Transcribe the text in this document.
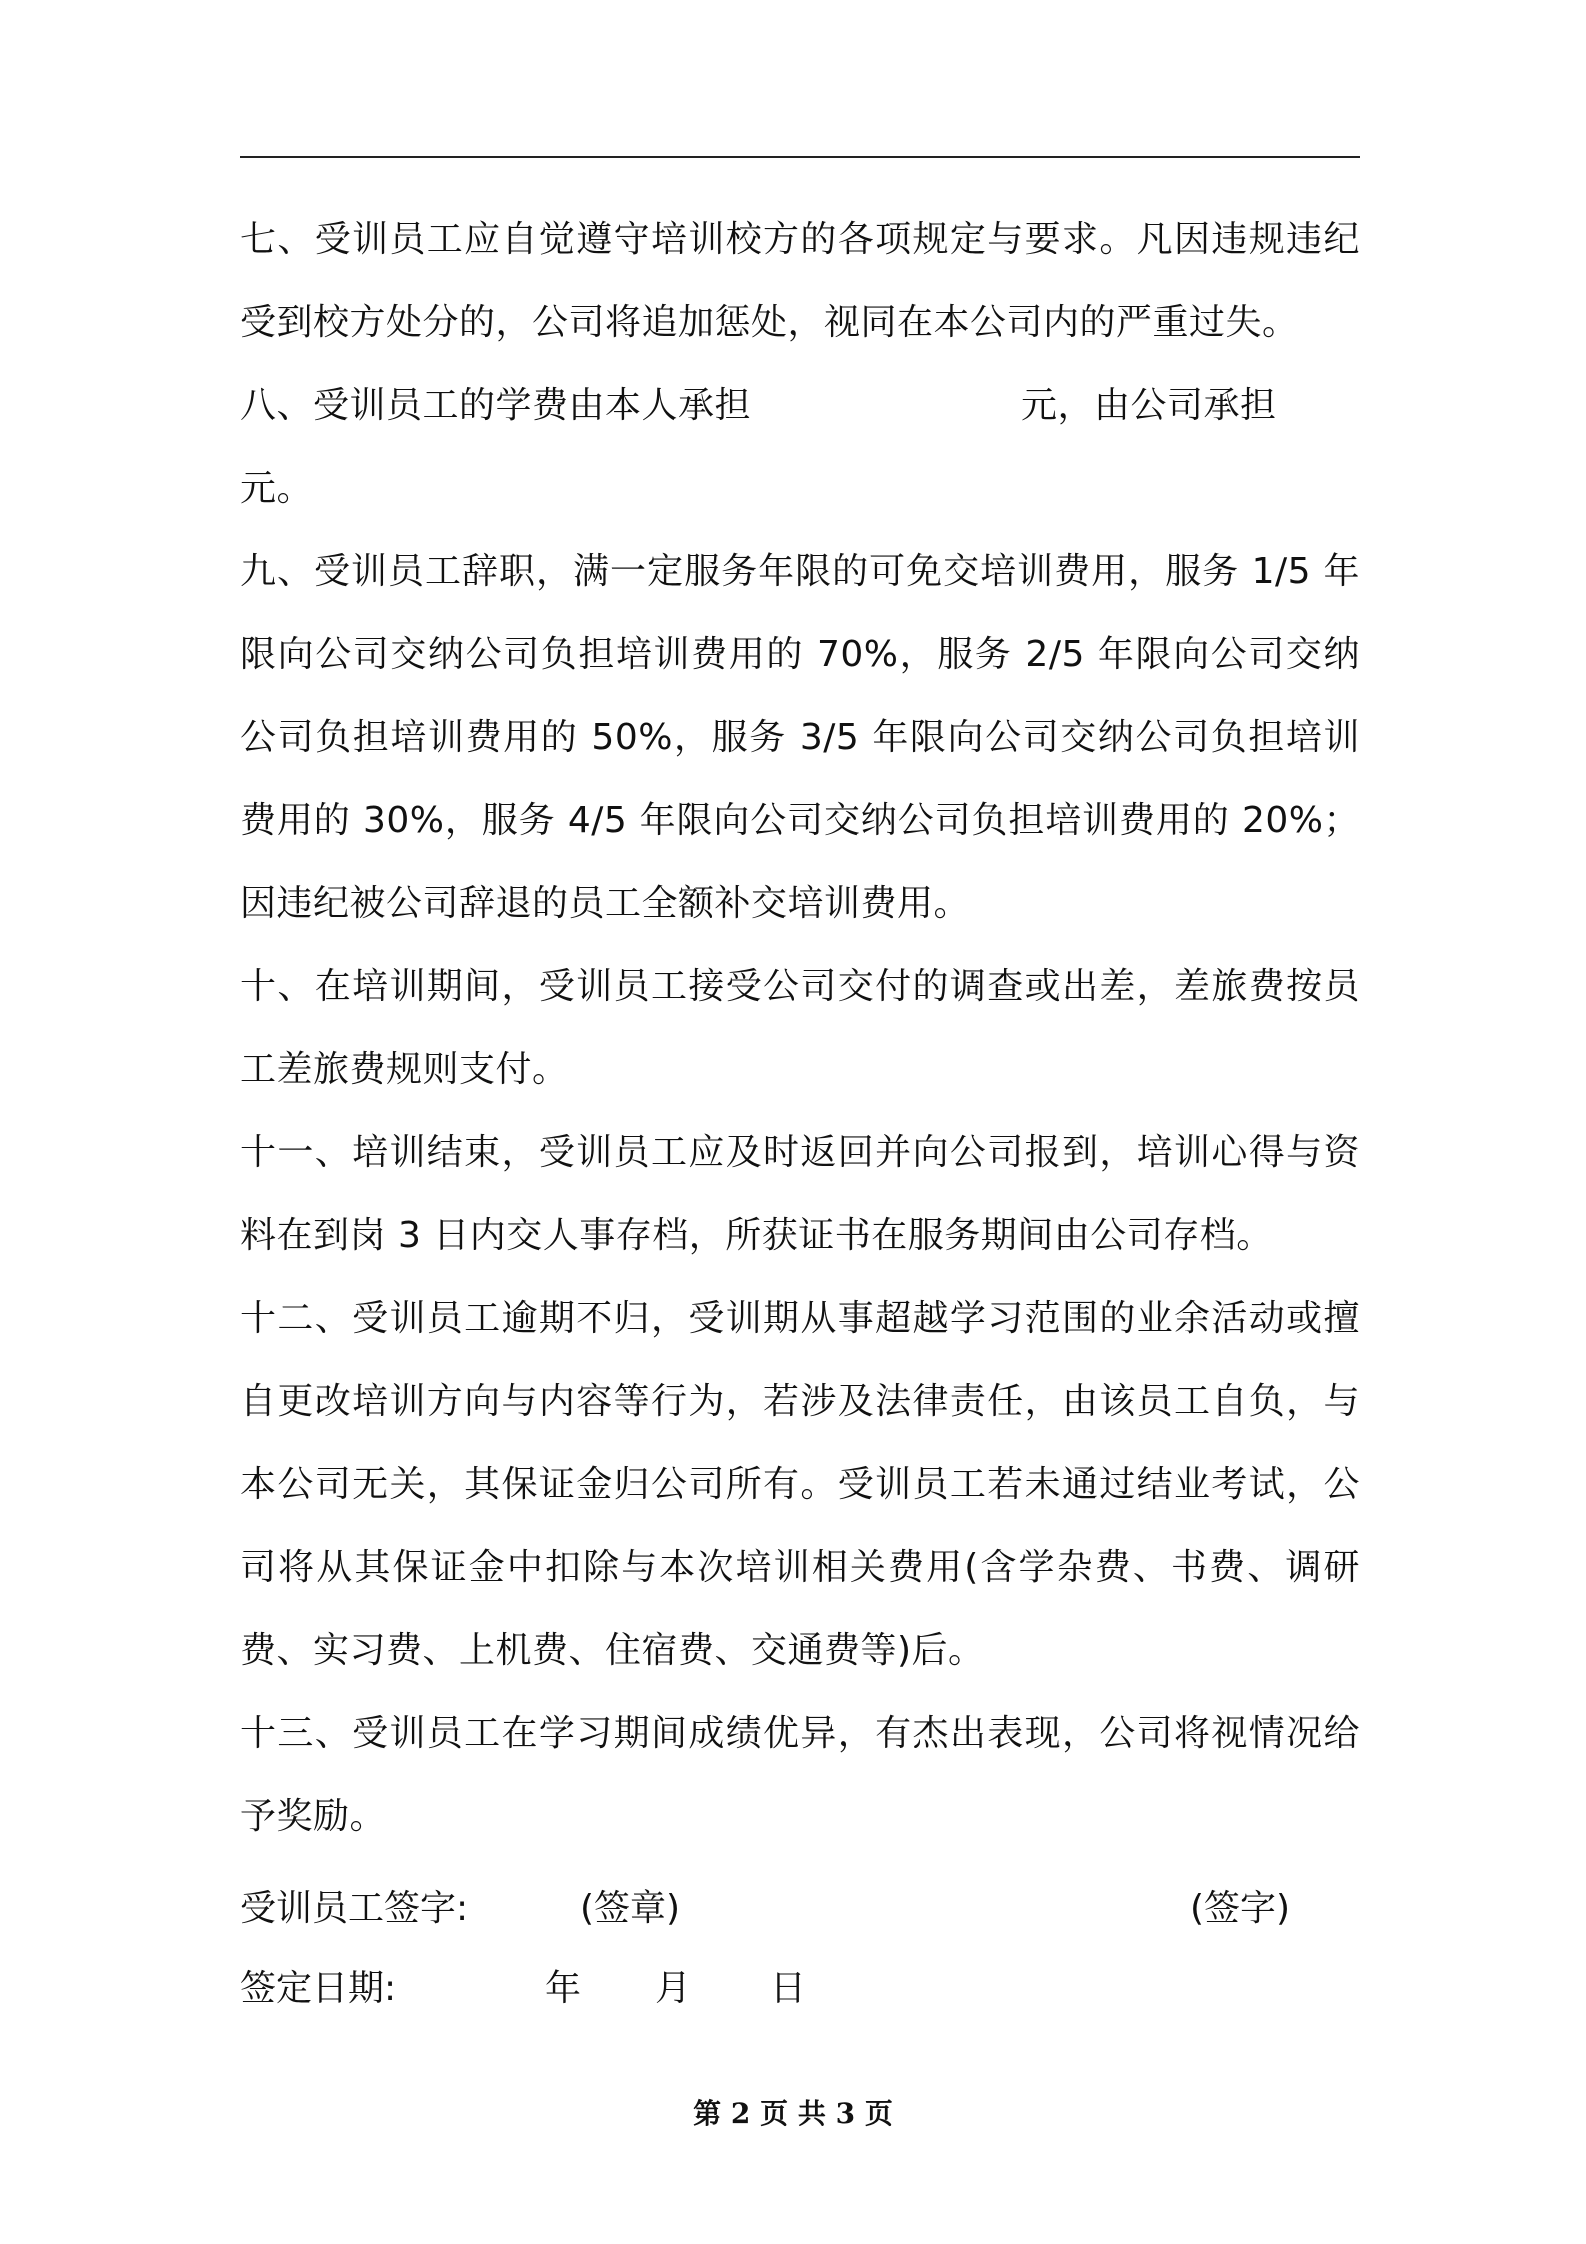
七、受训员工应自觉遵守培训校方的各项规定与要求。凡因违规违纪受到校方处分的，公司将追加惩处，视同在本公司内的严重过失。

八、受训员工的学费由本人承担	元，由公司承担
元。

九、受训员工辞职，满一定服务年限的可免交培训费用，服务 1/5 年限向公司交纳公司负担培训费用的 70%，服务 2/5 年限向公司交纳公司负担培训费用的 50%，服务 3/5 年限向公司交纳公司负担培训费用的 30%，服务 4/5 年限向公司交纳公司负担培训费用的 20%；因违纪被公司辞退的员工全额补交培训费用。

十、在培训期间，受训员工接受公司交付的调查或出差，差旅费按员工差旅费规则支付。

十一、培训结束，受训员工应及时返回并向公司报到，培训心得与资料在到岗 3 日内交人事存档，所获证书在服务期间由公司存档。

十二、受训员工逾期不归，受训期从事超越学习范围的业余活动或擅自更改培训方向与内容等行为，若涉及法律责任，由该员工自负，与本公司无关，其保证金归公司所有。受训员工若未通过结业考试，公司将从其保证金中扣除与本次培训相关费用(含学杂费、书费、调研费、实习费、上机费、住宿费、交通费等)后。

十三、受训员工在学习期间成绩优异，有杰出表现，公司将视情况给予奖励。

受训员工签字:	(签章)	(签字)
签定日期:	年 月 日
第 2 页 共 3 页
